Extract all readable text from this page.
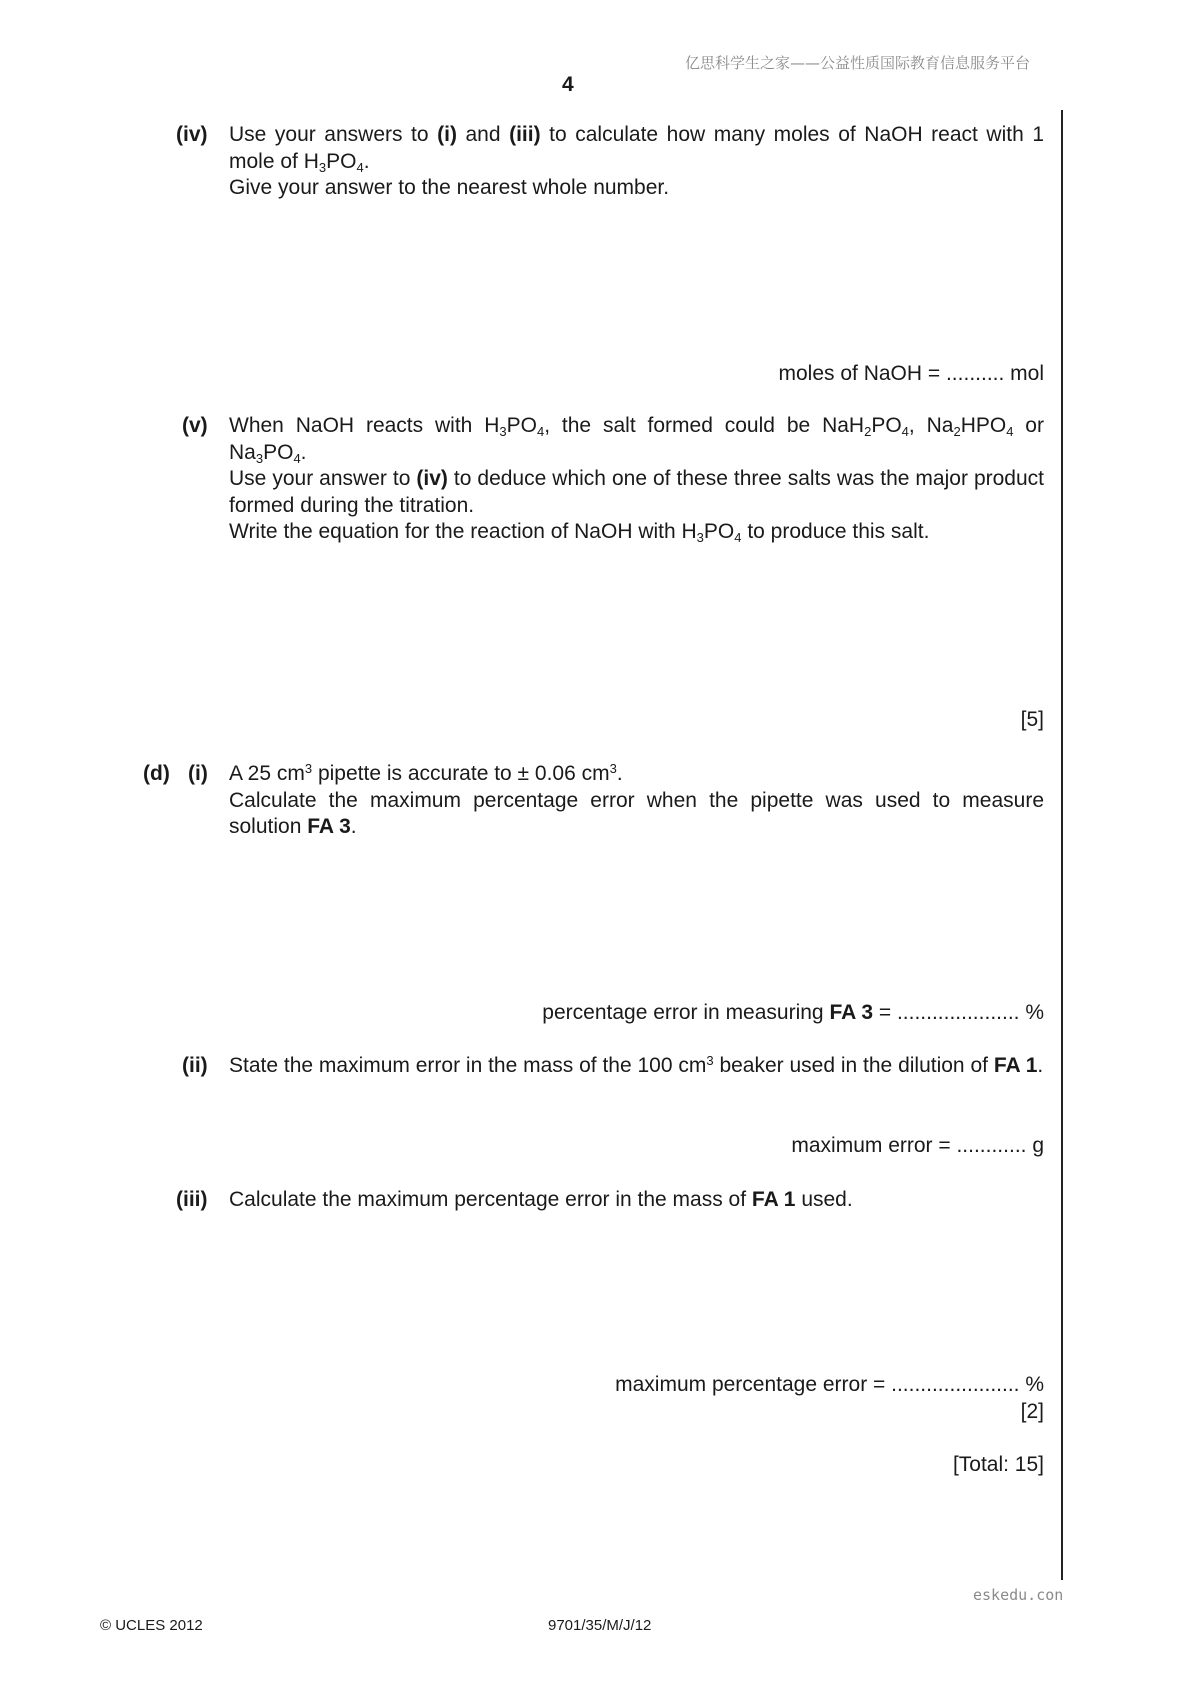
亿思科学生之家——公益性质国际教育信息服务平台
4
(iv) Use your answers to (i) and (iii) to calculate how many moles of NaOH react with 1 mole of $H_3PO_4$.
Give your answer to the nearest whole number.
moles of NaOH = .......... mol
(v) When NaOH reacts with $H_3PO_4$, the salt formed could be $NaH_2PO_4$, $Na_2HPO_4$ or $Na_3PO_4$.
Use your answer to (iv) to deduce which one of these three salts was the major product formed during the titration.
Write the equation for the reaction of NaOH with $H_3PO_4$ to produce this salt.
[5]
(d) (i) A 25 $cm^3$ pipette is accurate to ± 0.06 $cm^3$.
Calculate the maximum percentage error when the pipette was used to measure solution FA 3.
percentage error in measuring FA 3 = ..................... %
(ii) State the maximum error in the mass of the 100 $cm^3$ beaker used in the dilution of FA 1.
maximum error = ............ g
(iii) Calculate the maximum percentage error in the mass of FA 1 used.
maximum percentage error = ...................... %
[2]
[Total: 15]
eskedu.con
© UCLES 2012	9701/35/M/J/12
